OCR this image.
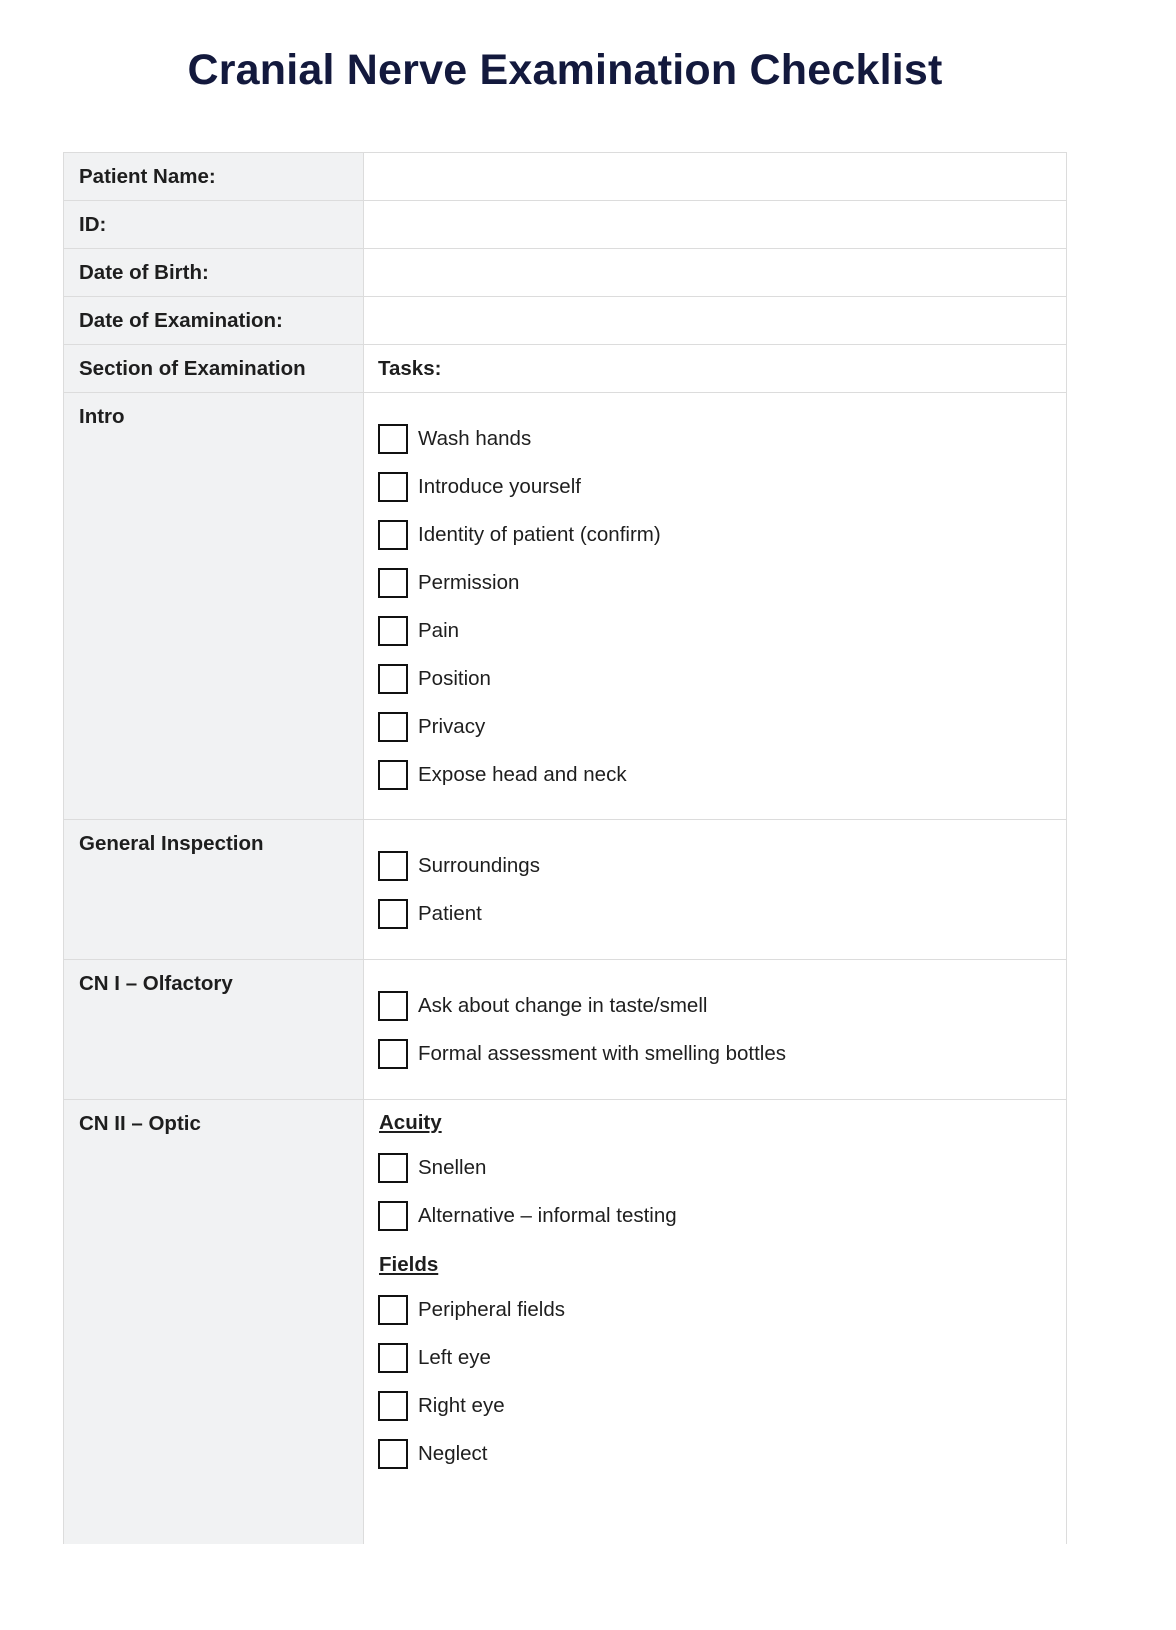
Cranial Nerve Examination Checklist
Patient Name:
ID:
Date of Birth:
Date of Examination:
Section of Examination	Tasks:
Intro
Wash hands
Introduce yourself
Identity of patient (confirm)
Permission
Pain
Position
Privacy
Expose head and neck
General Inspection
Surroundings
Patient
CN I – Olfactory
Ask about change in taste/smell
Formal assessment with smelling bottles
CN II – Optic	Acuity
Snellen
Alternative – informal testing
Fields
Peripheral fields
Left eye
Right eye
Neglect
